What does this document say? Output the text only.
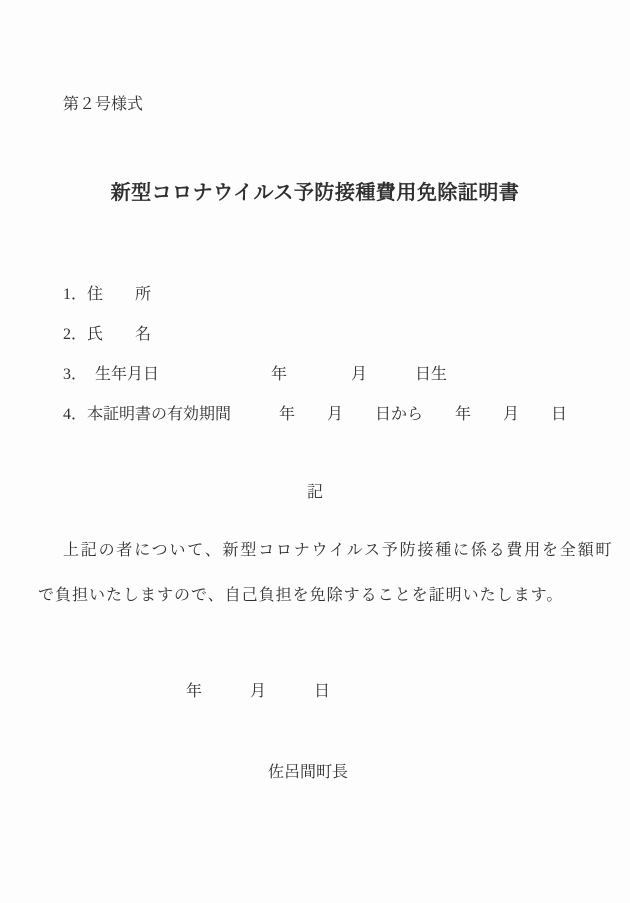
第２号様式
新型コロナウイルス予防接種費用免除証明書
1．住　　所
2．氏　　名
3．　生年月日　　　　　　　年　　　　月　　　日生
4．本証明書の有効期間　　　年　　月　　日から　　年　　月　　日
記
上記の者について、新型コロナウイルス予防接種に係る費用を全額町
で負担いたしますので、自己負担を免除することを証明いたします。
年　　　月　　　日
佐呂間町長
